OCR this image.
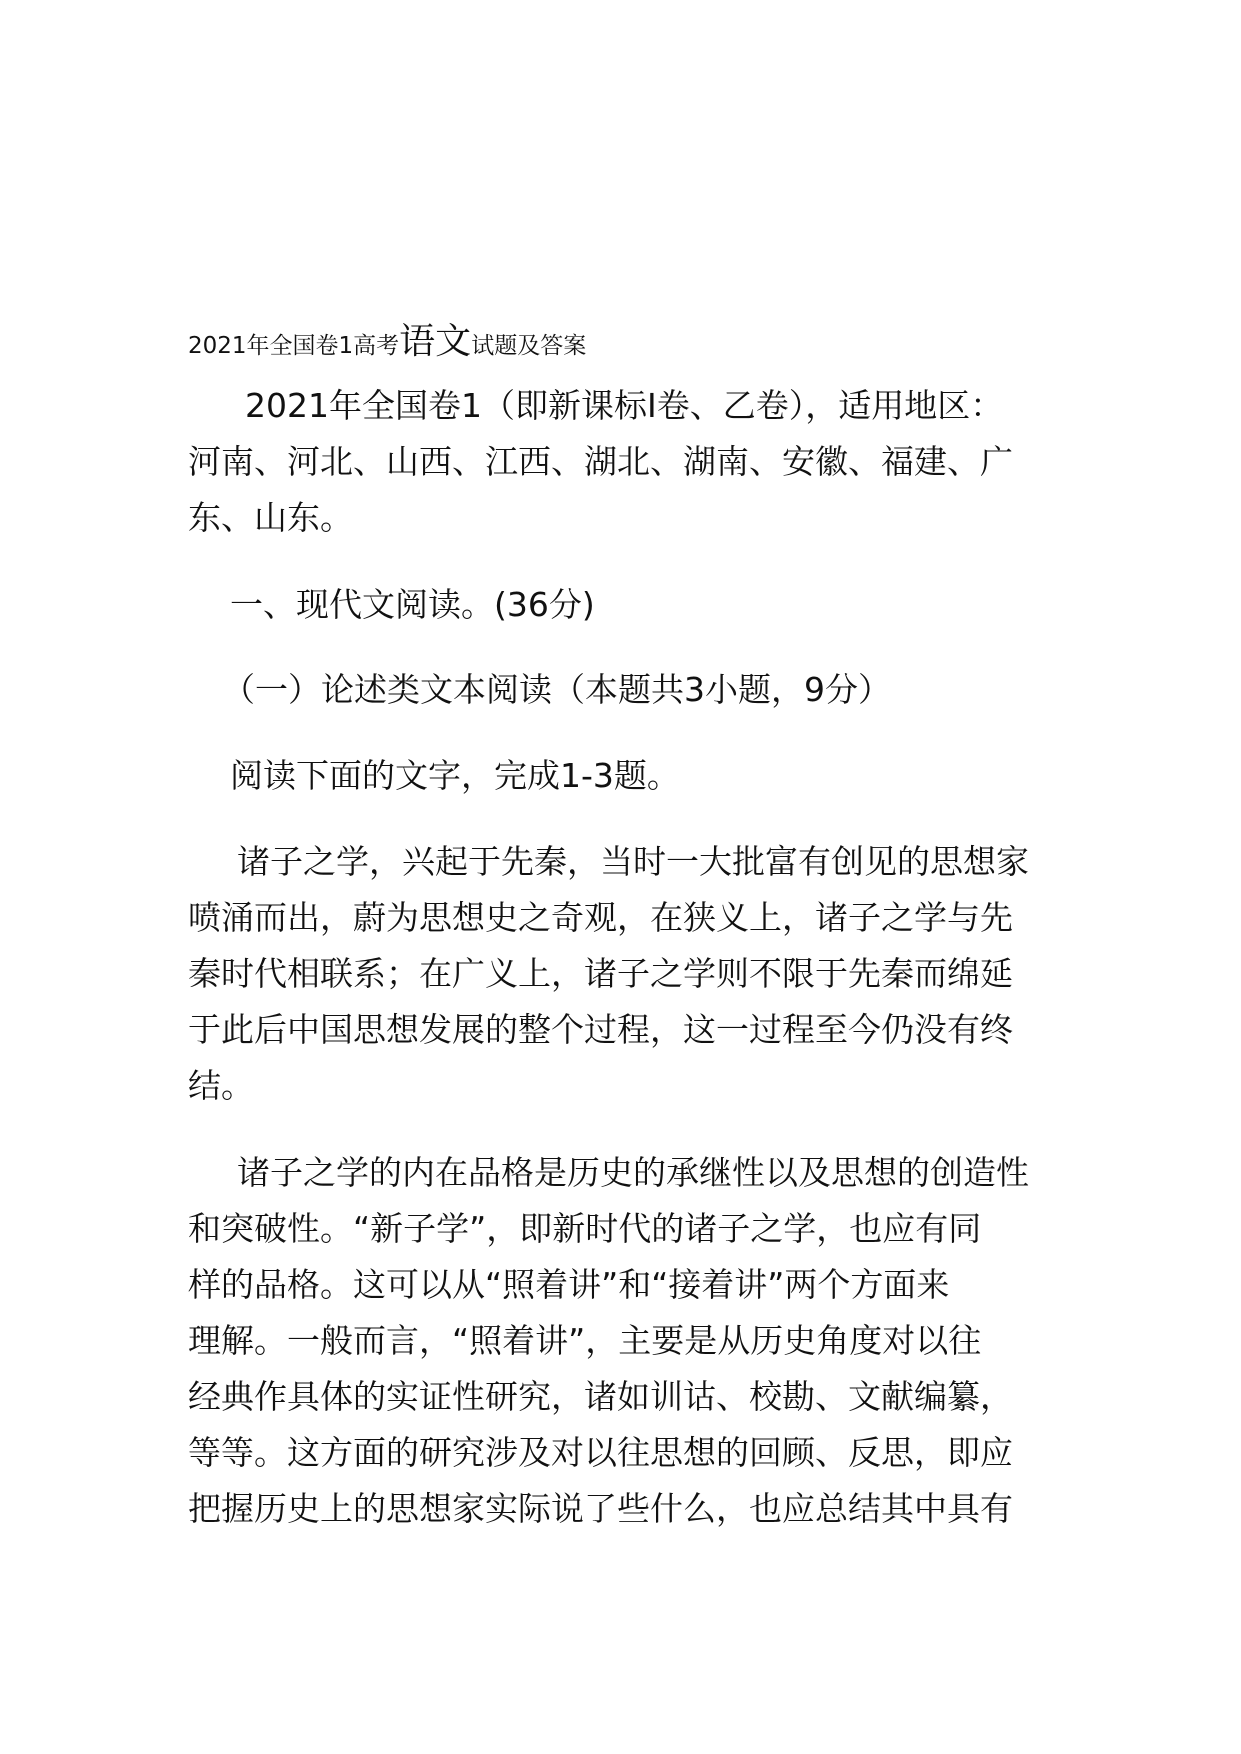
2021年全国卷1高考语文试题及答案
2021年全国卷1（即新课标I卷、乙卷），适用地区：
河南、河北、山西、江西、湖北、湖南、安徽、福建、广
东、山东。
一、现代文阅读。(36分)
（一）论述类文本阅读（本题共3小题，9分）
阅读下面的文字，完成1-3题。
诸子之学，兴起于先秦，当时一大批富有创见的思想家
喷涌而出，蔚为思想史之奇观，在狭义上，诸子之学与先
秦时代相联系；在广义上，诸子之学则不限于先秦而绵延
于此后中国思想发展的整个过程，这一过程至今仍没有终
结。
诸子之学的内在品格是历史的承继性以及思想的创造性
和突破性。“新子学”，即新时代的诸子之学，也应有同
样的品格。这可以从“照着讲”和“接着讲”两个方面来
理解。一般而言，“照着讲”，主要是从历史角度对以往
经典作具体的实证性研究，诸如训诂、校勘、文献编纂，
等等。这方面的研究涉及对以往思想的回顾、反思，即应
把握历史上的思想家实际说了些什么，也应总结其中具有
